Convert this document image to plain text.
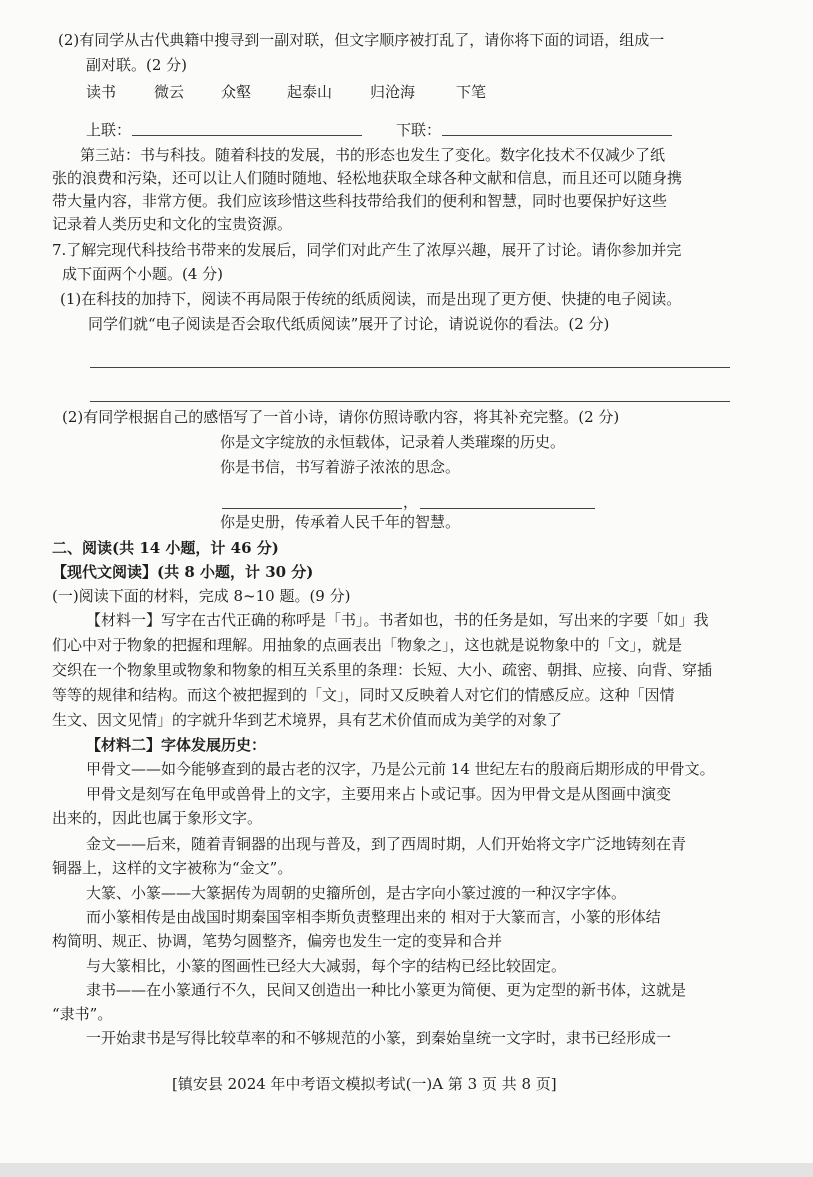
(2)有同学从古代典籍中搜寻到一副对联，但文字顺序被打乱了，请你将下面的词语，组成一
副对联。(2 分)
读书	微云 众壑 起泰山	归沧海	下笔
上联：	下联：
第三站：书与科技。随着科技的发展，书的形态也发生了变化。数字化技术不仅减少了纸
张的浪费和污染，还可以让人们随时随地、轻松地获取全球各种文献和信息，而且还可以随身携
带大量内容，非常方便。我们应该珍惜这些科技带给我们的便利和智慧，同时也要保护好这些
记录着人类历史和文化的宝贵资源。
7.了解完现代科技给书带来的发展后，同学们对此产生了浓厚兴趣，展开了讨论。请你参加并完
成下面两个小题。(4 分)
(1)在科技的加持下，阅读不再局限于传统的纸质阅读，而是出现了更方便、快捷的电子阅读。
同学们就“电子阅读是否会取代纸质阅读”展开了讨论，请说说你的看法。(2 分)
(2)有同学根据自己的感悟写了一首小诗，请你仿照诗歌内容，将其补充完整。(2 分)
你是文字绽放的永恒载体，记录着人类璀璨的历史。
你是书信，书写着游子浓浓的思念。
，
你是史册，传承着人民千年的智慧。
二、阅读(共 14 小题，计 46 分)
【现代文阅读】(共 8 小题，计 30 分)
(一)阅读下面的材料，完成 8~10 题。(9 分)
【材料一】写字在古代正确的称呼是「书」。书者如也，书的任务是如，写出来的字要「如」我
们心中对于物象的把握和理解。用抽象的点画表出「物象之」，这也就是说物象中的「文」，就是
交织在一个物象里或物象和物象的相互关系里的条理：长短、大小、疏密、朝揖、应接、向背、穿插
等等的规律和结构。而这个被把握到的「文」，同时又反映着人对它们的情感反应。这种「因情
生文、因文见情」的字就升华到艺术境界，具有艺术价值而成为美学的对象了
【材料二】字体发展历史：
甲骨文——如今能够查到的最古老的汉字，乃是公元前 14 世纪左右的殷商后期形成的甲骨文。
甲骨文是刻写在龟甲或兽骨上的文字，主要用来占卜或记事。因为甲骨文是从图画中演变
出来的，因此也属于象形文字。
金文——后来，随着青铜器的出现与普及，到了西周时期，人们开始将文字广泛地铸刻在青
铜器上，这样的文字被称为“金文”。
大篆、小篆——大篆据传为周朝的史籀所创，是古字向小篆过渡的一种汉字字体。
而小篆相传是由战国时期秦国宰相李斯负责整理出来的 相对于大篆而言，小篆的形体结
构简明、规正、协调，笔势匀圆整齐，偏旁也发生一定的变异和合并
与大篆相比，小篆的图画性已经大大减弱，每个字的结构已经比较固定。
隶书——在小篆通行不久，民间又创造出一种比小篆更为简便、更为定型的新书体，这就是
“隶书”。
一开始隶书是写得比较草率的和不够规范的小篆，到秦始皇统一文字时，隶书已经形成一
[镇安县 2024 年中考语文模拟考试(一)A 第 3 页 共 8 页]
